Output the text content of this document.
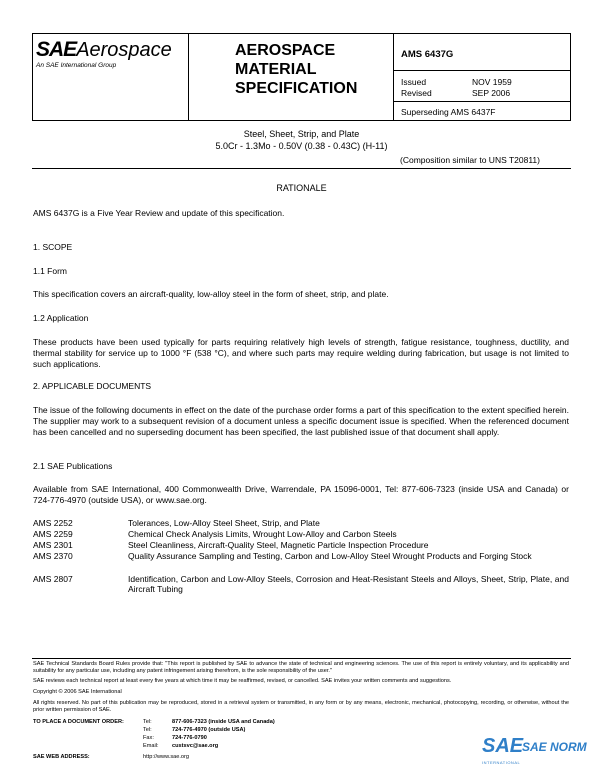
SAEAerospace
An SAE International Group
AEROSPACE
MATERIAL
SPECIFICATION
AMS 6437G
Issued	NOV 1959
Revised	SEP 2006
Superseding AMS 6437F
Steel, Sheet, Strip, and Plate
5.0Cr - 1.3Mo - 0.50V (0.38 - 0.43C) (H-11)
(Composition similar to UNS T20811)
RATIONALE
AMS 6437G is a Five Year Review and update of this specification.
1. SCOPE
1.1 Form
This specification covers an aircraft-quality, low-alloy steel in the form of sheet, strip, and plate.
1.2 Application
These products have been used typically for parts requiring relatively high levels of strength, fatigue resistance, toughness, ductility, and thermal stability for service up to 1000 °F (538 °C), and where such parts may require welding during fabrication, but usage is not limited to such applications.
2. APPLICABLE DOCUMENTS
The issue of the following documents in effect on the date of the purchase order forms a part of this specification to the extent specified herein. The supplier may work to a subsequent revision of a document unless a specific document issue is specified. When the referenced document has been cancelled and no superseding document has been specified, the last published issue of that document shall apply.
2.1 SAE Publications
Available from SAE International, 400 Commonwealth Drive, Warrendale, PA 15096-0001, Tel: 877-606-7323 (inside USA and Canada) or 724-776-4970 (outside USA), or www.sae.org.
AMS 2252	Tolerances, Low-Alloy Steel Sheet, Strip, and Plate
AMS 2259	Chemical Check Analysis Limits, Wrought Low-Alloy and Carbon Steels
AMS 2301	Steel Cleanliness, Aircraft-Quality Steel, Magnetic Particle Inspection Procedure
AMS 2370	Quality Assurance Sampling and Testing, Carbon and Low-Alloy Steel Wrought Products and Forging Stock
AMS 2807	Identification, Carbon and Low-Alloy Steels, Corrosion and Heat-Resistant Steels and Alloys, Sheet, Strip, Plate, and Aircraft Tubing
SAE Technical Standards Board Rules provide that: "This report is published by SAE to advance the state of technical and engineering sciences. The use of this report is entirely voluntary, and its applicability and suitability for any particular use, including any patent infringement arising therefrom, is the sole responsibility of the user."
SAE reviews each technical report at least every five years at which time it may be reaffirmed, revised, or cancelled. SAE invites your written comments and suggestions.
Copyright © 2006 SAE International
All rights reserved. No part of this publication may be reproduced, stored in a retrieval system or transmitted, in any form or by any means, electronic, mechanical, photocopying, recording, or otherwise, without the prior written permission of SAE.
TO PLACE A DOCUMENT ORDER:	Tel:	877-606-7323 (inside USA and Canada)
Tel:	724-776-4970 (outside USA)
Fax:	724-776-0790
Email: custsvc@sae.org
SAE WEB ADDRESS:	http://www.sae.org	SAE
SAE NORM
INTERNATIONAL
